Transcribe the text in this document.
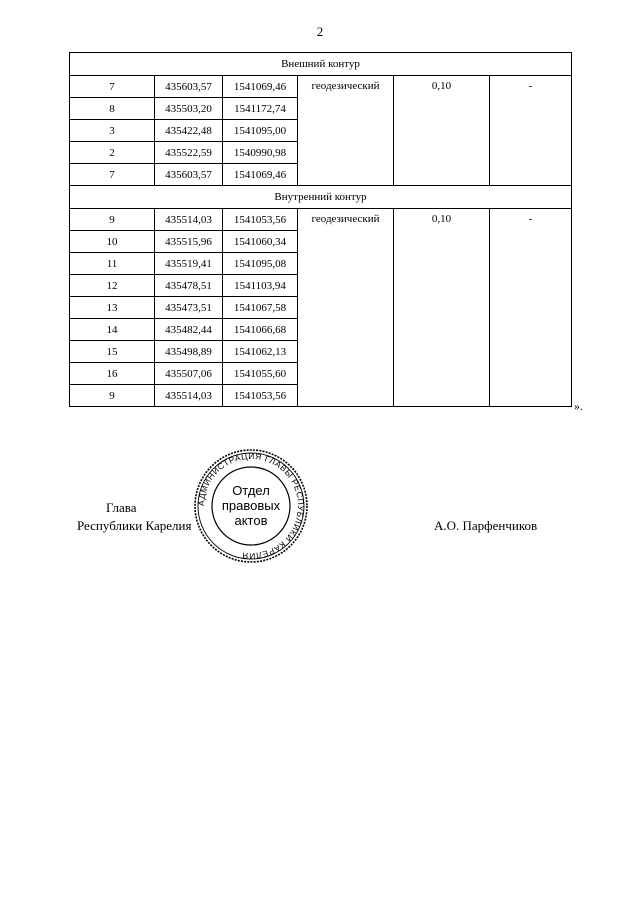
2
Внешний контур					
7	435603,57	1541069,46	геодезический	0,10	-
8	435503,20	1541172,74			
3	435422,48	1541095,00			
2	435522,59	1540990,98			
7	435603,57	1541069,46			
Внутренний контур					
9	435514,03	1541053,56	геодезический	0,10	-
10	435515,96	1541060,34			
11	435519,41	1541095,08			
12	435478,51	1541103,94			
13	435473,51	1541067,58			
14	435482,44	1541066,68			
15	435498,89	1541062,13			
16	435507,06	1541055,60			
9	435514,03	1541053,56			
».
Глава
Республики Карелия	А.О. Парфенчиков
АДМИНИСТРАЦИЯ ГЛАВЫ РЕСПУБЛИКИ КАРЕЛИЯ
Отдел
правовых
актов
